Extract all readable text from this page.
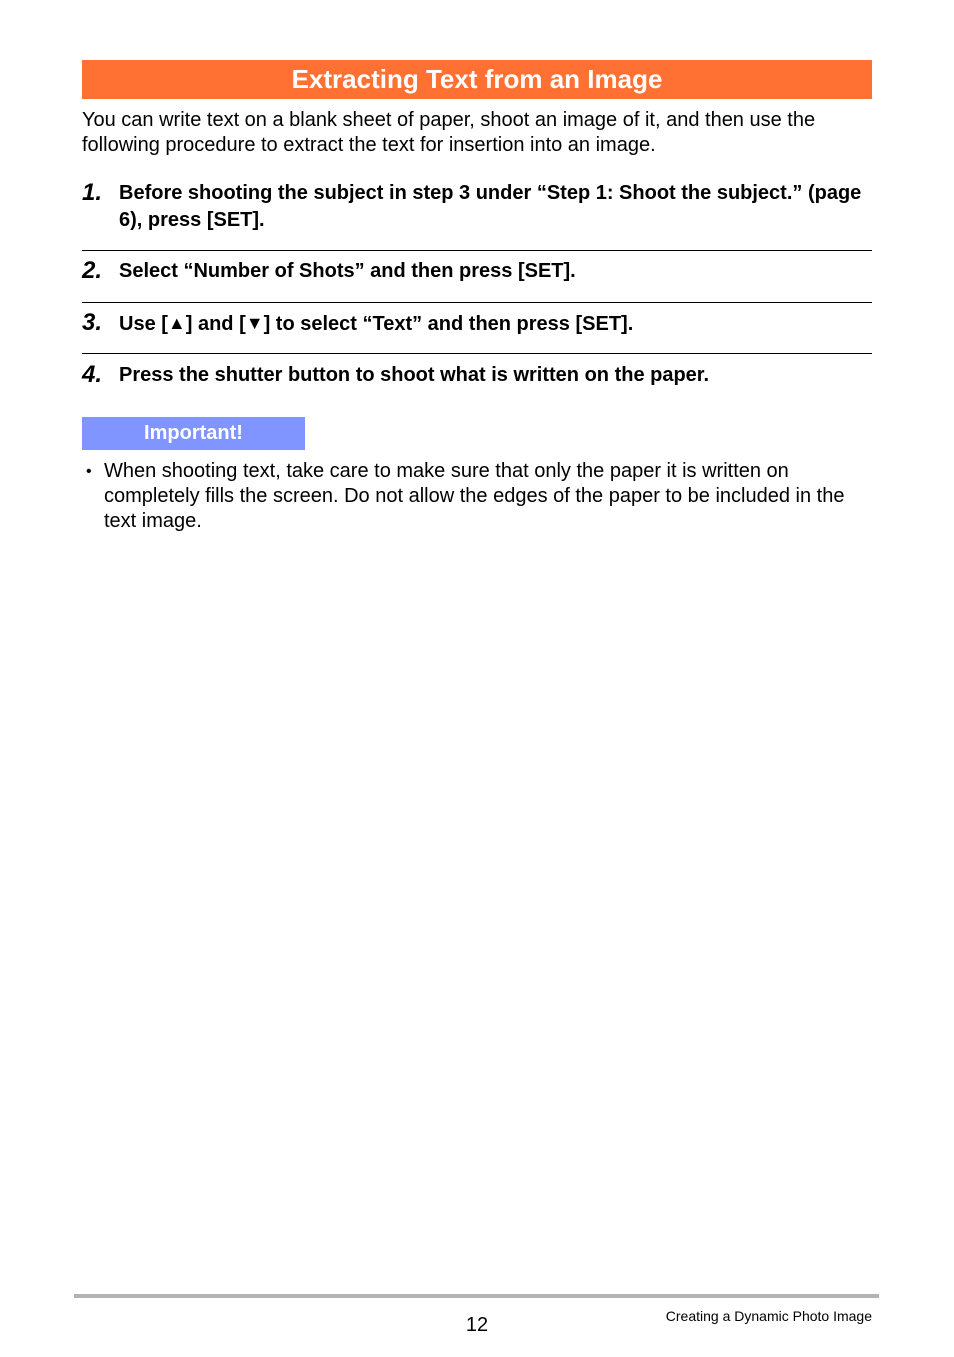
Extracting Text from an Image
You can write text on a blank sheet of paper, shoot an image of it, and then use the following procedure to extract the text for insertion into an image.
1. Before shooting the subject in step 3 under “Step 1: Shoot the subject.” (page 6), press [SET].
2. Select “Number of Shots” and then press [SET].
3. Use [▲] and [▼] to select “Text” and then press [SET].
4. Press the shutter button to shoot what is written on the paper.
Important!
• When shooting text, take care to make sure that only the paper it is written on completely fills the screen. Do not allow the edges of the paper to be included in the text image.
12	Creating a Dynamic Photo Image
